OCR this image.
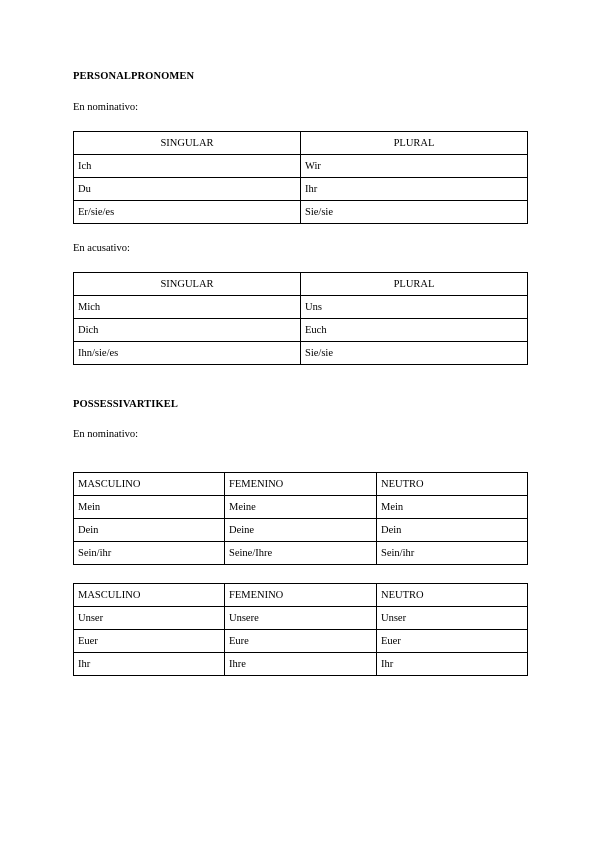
PERSONALPRONOMEN
En nominativo:
SINGULAR	PLURAL
Ich	Wir
Du	Ihr
Er/sie/es	Sie/sie
En acusativo:
SINGULAR	PLURAL
Mich	Uns
Dich	Euch
Ihn/sie/es	Sie/sie
POSSESSIVARTIKEL
En nominativo:
MASCULINO	FEMENINO	NEUTRO
Mein	Meine	Mein
Dein	Deine	Dein
Sein/ihr	Seine/Ihre	Sein/ihr
MASCULINO	FEMENINO	NEUTRO
Unser	Unsere	Unser
Euer	Eure	Euer
Ihr	Ihre	Ihr
